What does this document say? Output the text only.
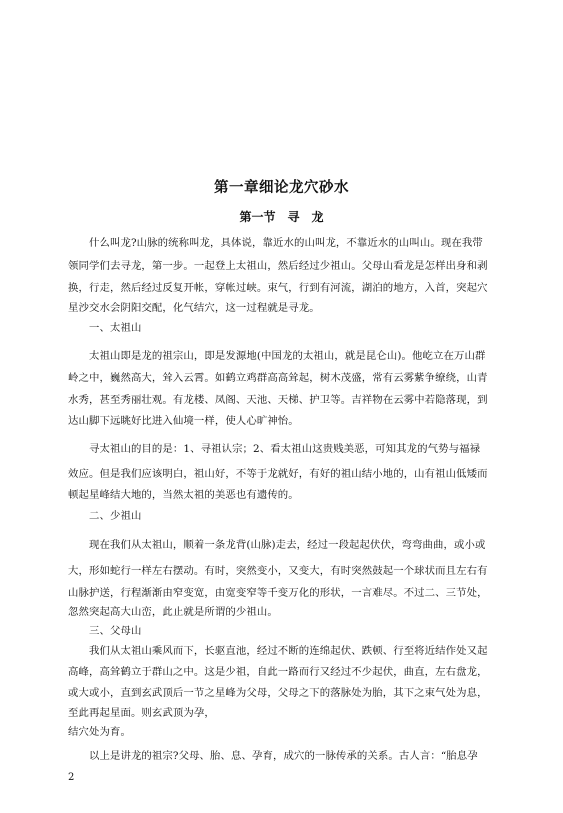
第一章细论龙穴砂水
第一节　寻　龙
　　什么叫龙?山脉的统称叫龙，具体说，靠近水的山叫龙，不靠近水的山叫山。现在我带
领同学们去寻龙，第一步。一起登上太祖山，然后经过少祖山。父母山看龙是怎样出身和剥
换，行走，然后经过反复开帐，穿帐过峡。束气，行到有河流，湖泊的地方，入首，突起穴
星沙交水会阴阳交配，化气结穴，这一过程就是寻龙。
　　一、太祖山
　　太祖山即是龙的祖宗山，即是发源地(中国龙的太祖山，就是昆仑山)。他屹立在万山群
岭之中，巍然高大，耸入云霄。如鹤立鸡群高高耸起，树木茂盛，常有云雾紫争缭绕，山青
水秀，甚至秀丽壮观。有龙楼、凤阁、天池、天梯、护卫等。吉祥物在云雾中若隐落现，到
达山脚下远眺好比进入仙境一样，使人心旷神怡。
　　寻太祖山的目的是：1、寻祖认宗；2、看太祖山这贵贱美恶，可知其龙的气势与福禄
效应。但是我们应该明白，祖山好，不等于龙就好，有好的祖山结小地的，山有祖山低矮而
顿起星峰结大地的，当然太祖的美恶也有遗传的。
　　二、少祖山
　　现在我们从太祖山，顺着一条龙背(山脉)走去，经过一段起起伏伏，弯弯曲曲，或小或
大，形如蛇行一样左右摆动。有时，突然变小，又变大，有时突然鼓起一个球状而且左右有
山脉护送，行程渐渐由窄变宽，由宽变窄等千变万化的形状，一言难尽。不过二、三节处，
忽然突起高大山峦，此止就是所谓的少祖山。
　　三、父母山
　　我们从太祖山乘风而下，长驱直池，经过不断的连绵起伏、跌顿、行至将近结作处又起
高峰，高耸鹤立于群山之中。这是少祖，自此一路而行又经过不少起伏，曲直，左右盘龙，
或大或小，直到玄武顶后一节之星峰为父母，父母之下的落脉处为胎，其下之束气处为息，
至此再起星面。则玄武顶为孕，
结穴处为育。
　　以上是讲龙的祖宗?父母、胎、息、孕育，成穴的一脉传承的关系。古人言：“胎息孕
2
